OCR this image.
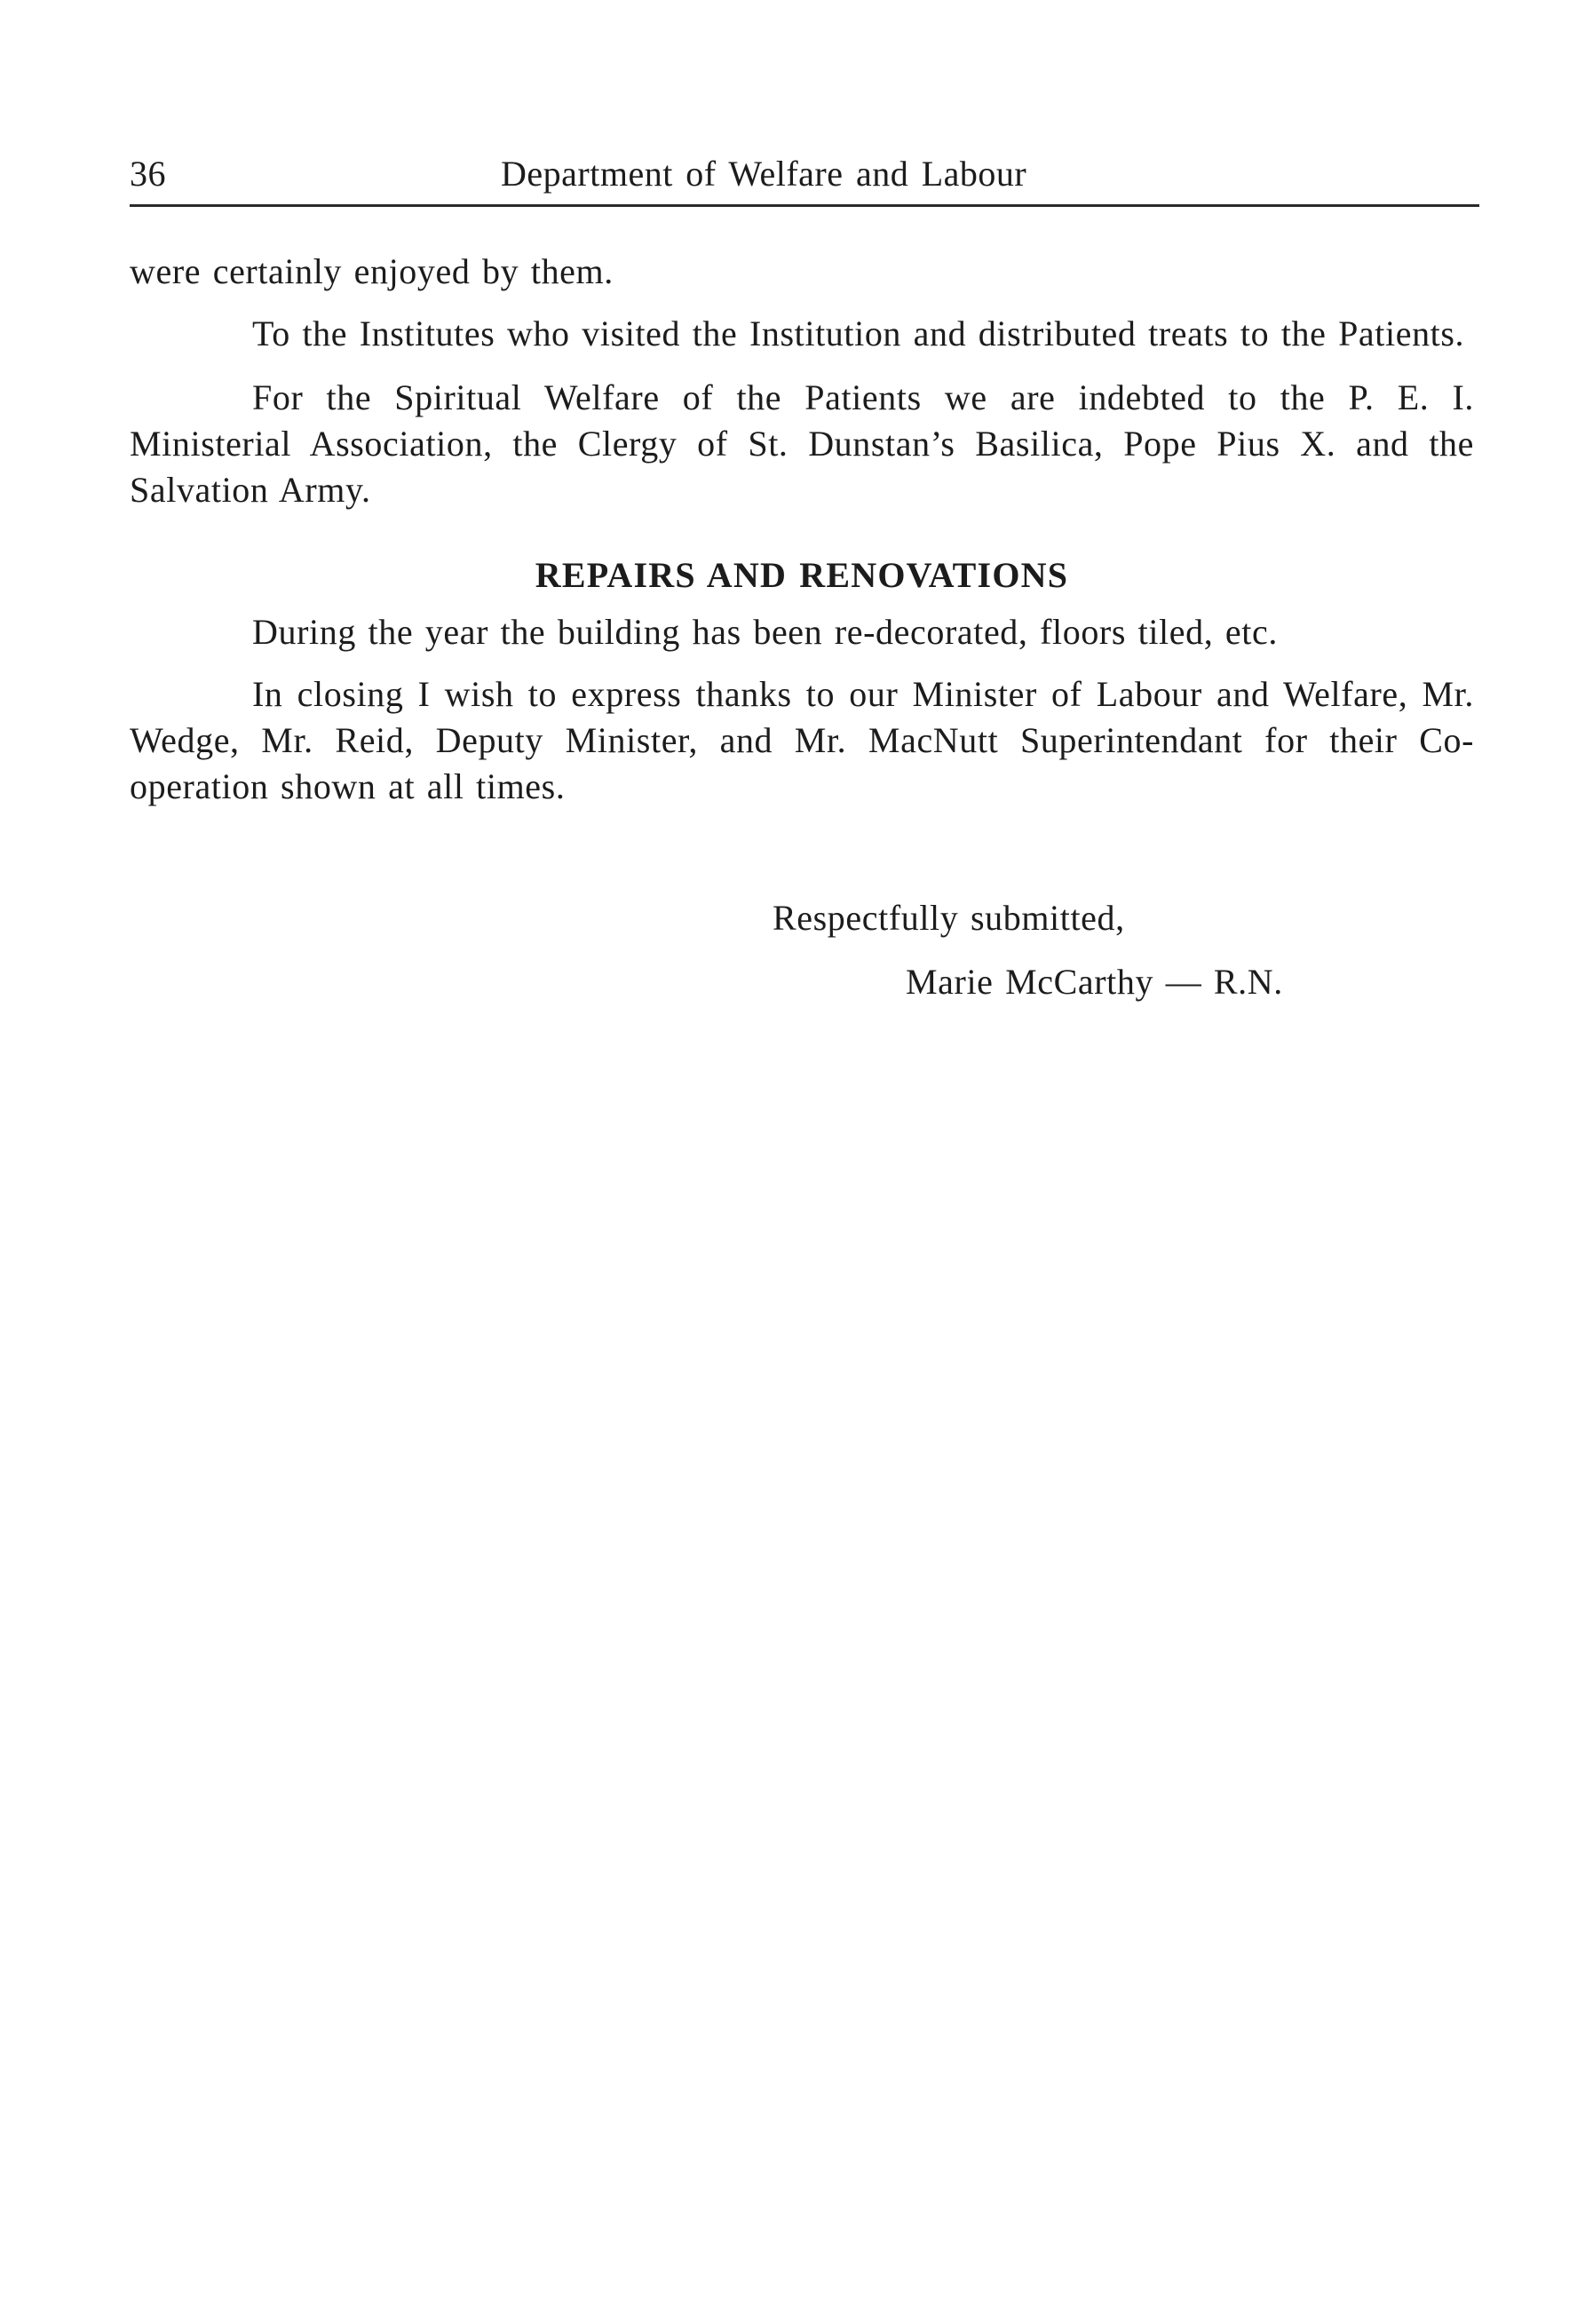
36	Department of Welfare and Labour

were certainly enjoyed by them.

To the Institutes who visited the Institution and distributed treats to the Patients.

For the Spiritual Welfare of the Patients we are indebted to the P. E. I. Ministerial Association, the Clergy of St. Dunstan’s Basilica, Pope Pius X. and the Salvation Army.

REPAIRS AND RENOVATIONS

During the year the building has been re-decorated, floors tiled, etc.

In closing I wish to express thanks to our Minister of Labour and Welfare, Mr. Wedge, Mr. Reid, Deputy Minister, and Mr. MacNutt Superintendant for their Co-operation shown at all times.

Respectfully submitted,
Marie McCarthy — R.N.
